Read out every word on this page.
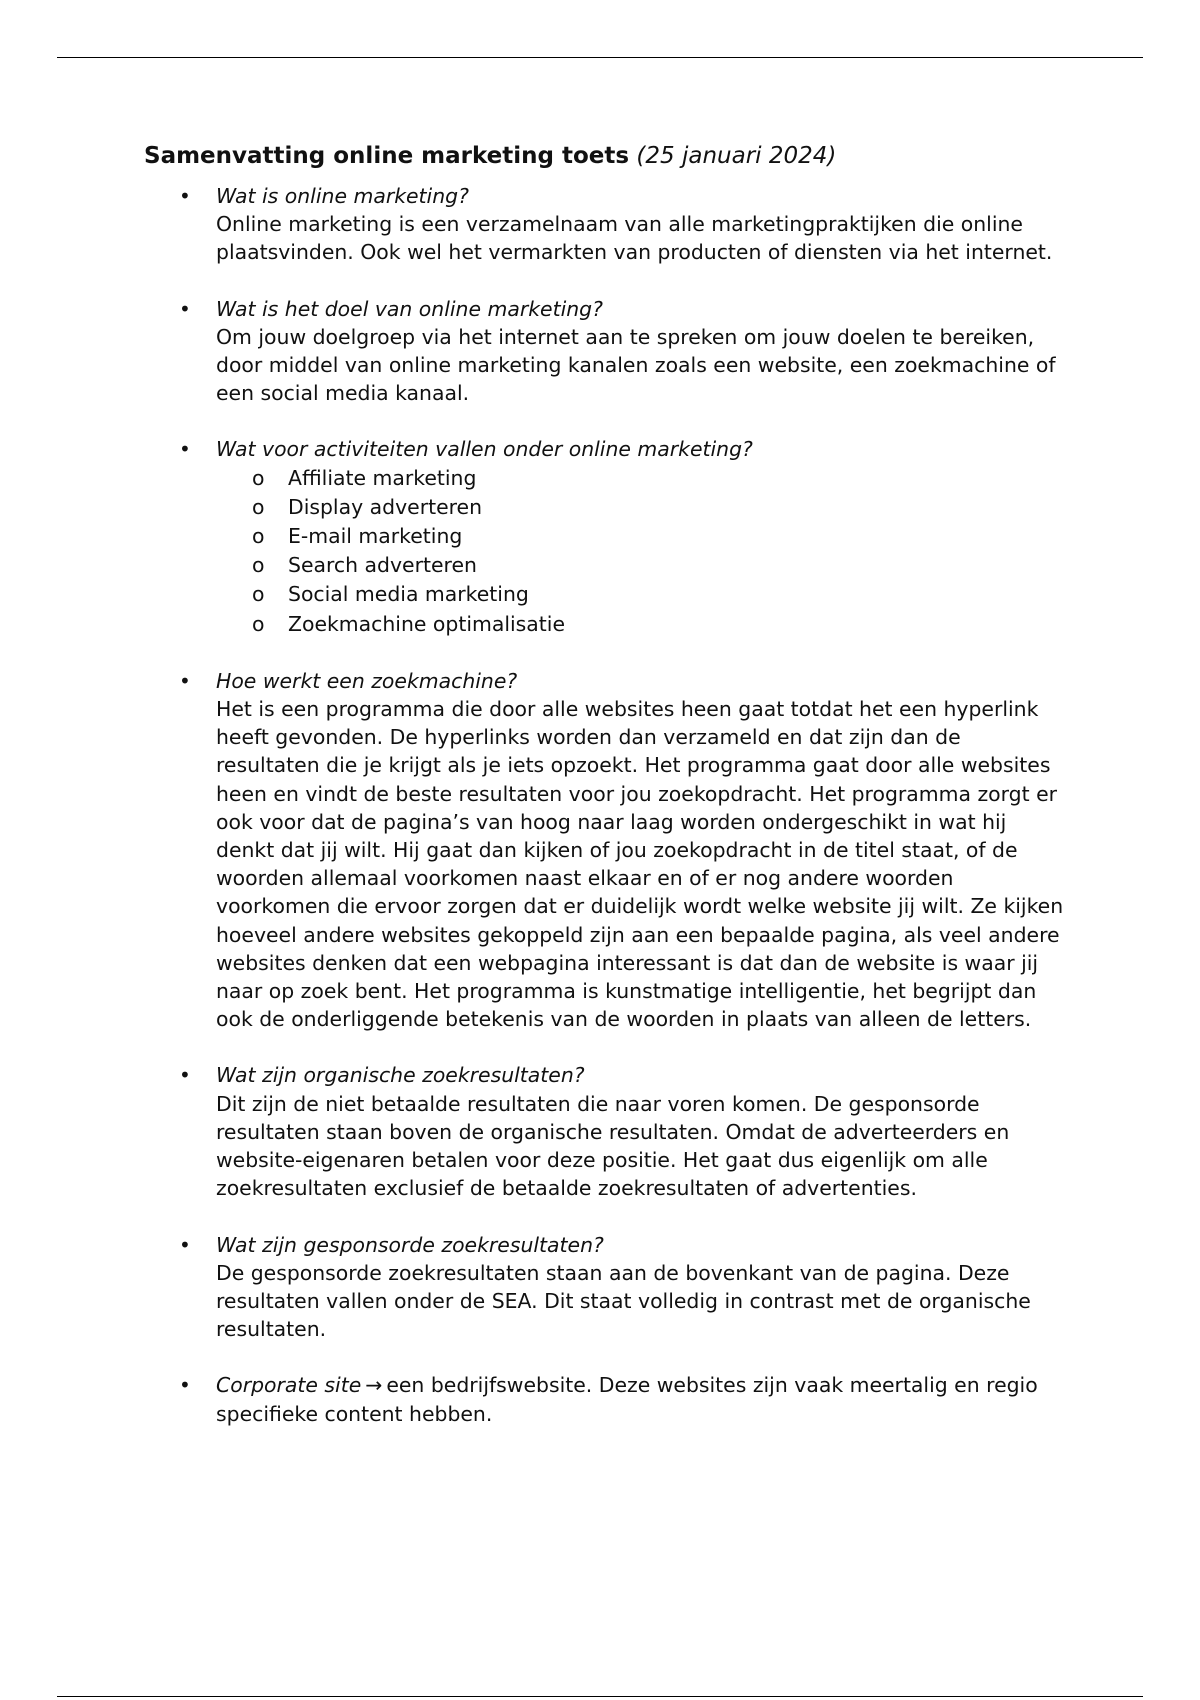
Samenvatting online marketing toets (25 januari 2024)
• Wat is online marketing?
Online marketing is een verzamelnaam van alle marketingpraktijken die online plaatsvinden. Ook wel het vermarkten van producten of diensten via het internet.
• Wat is het doel van online marketing?
Om jouw doelgroep via het internet aan te spreken om jouw doelen te bereiken, door middel van online marketing kanalen zoals een website, een zoekmachine of een social media kanaal.
• Wat voor activiteiten vallen onder online marketing?
o Affiliate marketing
o Display adverteren
o E-mail marketing
o Search adverteren
o Social media marketing
o Zoekmachine optimalisatie
• Hoe werkt een zoekmachine?
Het is een programma die door alle websites heen gaat totdat het een hyperlink heeft gevonden. De hyperlinks worden dan verzameld en dat zijn dan de resultaten die je krijgt als je iets opzoekt. Het programma gaat door alle websites heen en vindt de beste resultaten voor jou zoekopdracht. Het programma zorgt er ook voor dat de pagina’s van hoog naar laag worden ondergeschikt in wat hij denkt dat jij wilt. Hij gaat dan kijken of jou zoekopdracht in de titel staat, of de woorden allemaal voorkomen naast elkaar en of er nog andere woorden voorkomen die ervoor zorgen dat er duidelijk wordt welke website jij wilt. Ze kijken hoeveel andere websites gekoppeld zijn aan een bepaalde pagina, als veel andere websites denken dat een webpagina interessant is dat dan de website is waar jij naar op zoek bent. Het programma is kunstmatige intelligentie, het begrijpt dan ook de onderliggende betekenis van de woorden in plaats van alleen de letters.
• Wat zijn organische zoekresultaten?
Dit zijn de niet betaalde resultaten die naar voren komen. De gesponsorde resultaten staan boven de organische resultaten. Omdat de adverteerders en website-eigenaren betalen voor deze positie. Het gaat dus eigenlijk om alle zoekresultaten exclusief de betaalde zoekresultaten of advertenties.
• Wat zijn gesponsorde zoekresultaten?
De gesponsorde zoekresultaten staan aan de bovenkant van de pagina. Deze resultaten vallen onder de SEA. Dit staat volledig in contrast met de organische resultaten.
• Corporate site → een bedrijfswebsite. Deze websites zijn vaak meertalig en regio specifieke content hebben.
